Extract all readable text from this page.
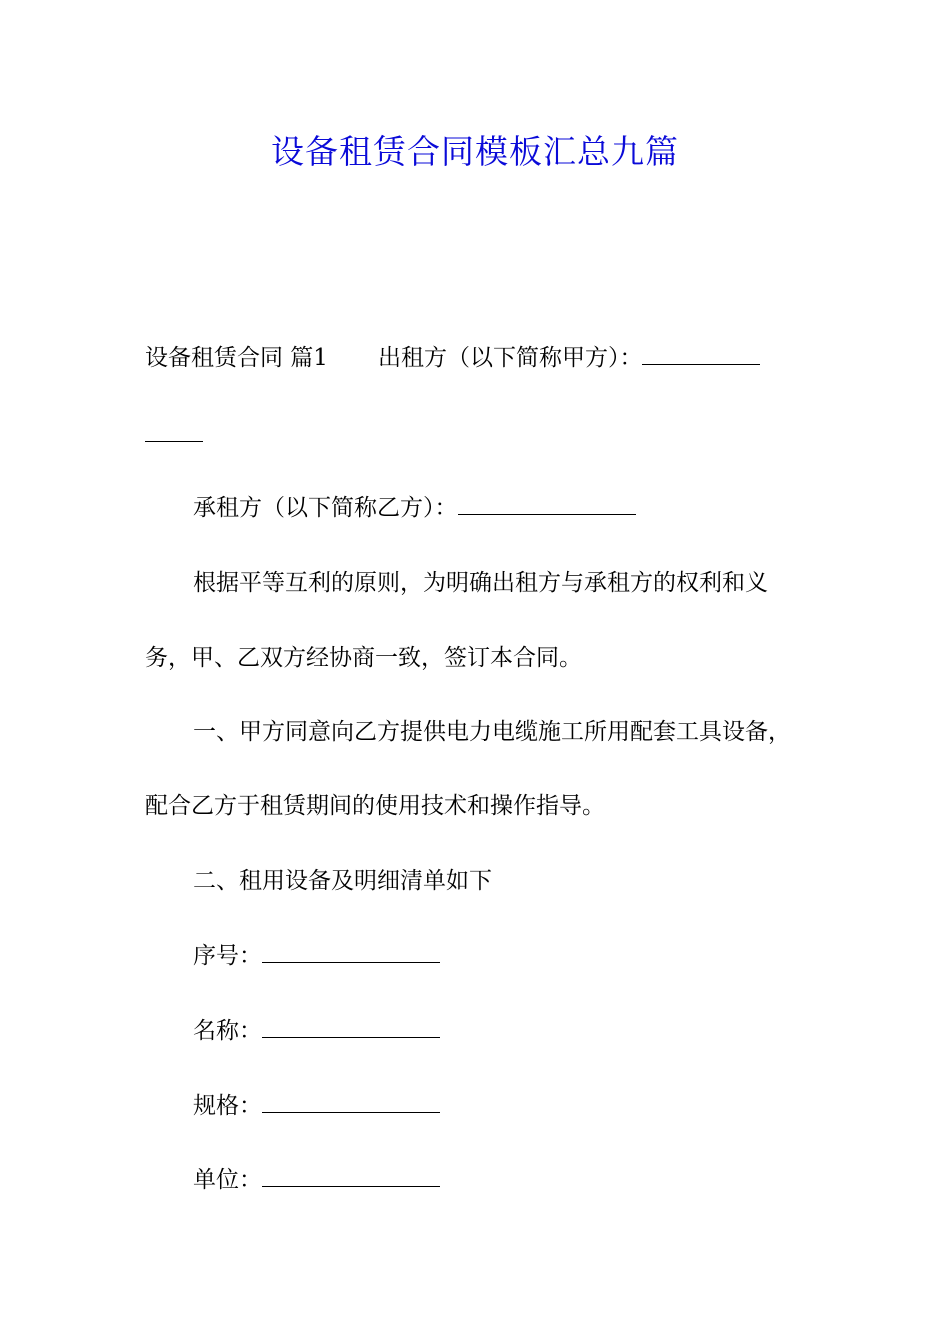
设备租赁合同模板汇总九篇
设备租赁合同 篇1 出租方（以下简称甲方）：
承租方（以下简称乙方）：
根据平等互利的原则，为明确出租方与承租方的权利和义
务，甲、乙双方经协商一致，签订本合同。
一、甲方同意向乙方提供电力电缆施工所用配套工具设备，
配合乙方于租赁期间的使用技术和操作指导。
二、租用设备及明细清单如下
序号：
名称：
规格：
单位：
